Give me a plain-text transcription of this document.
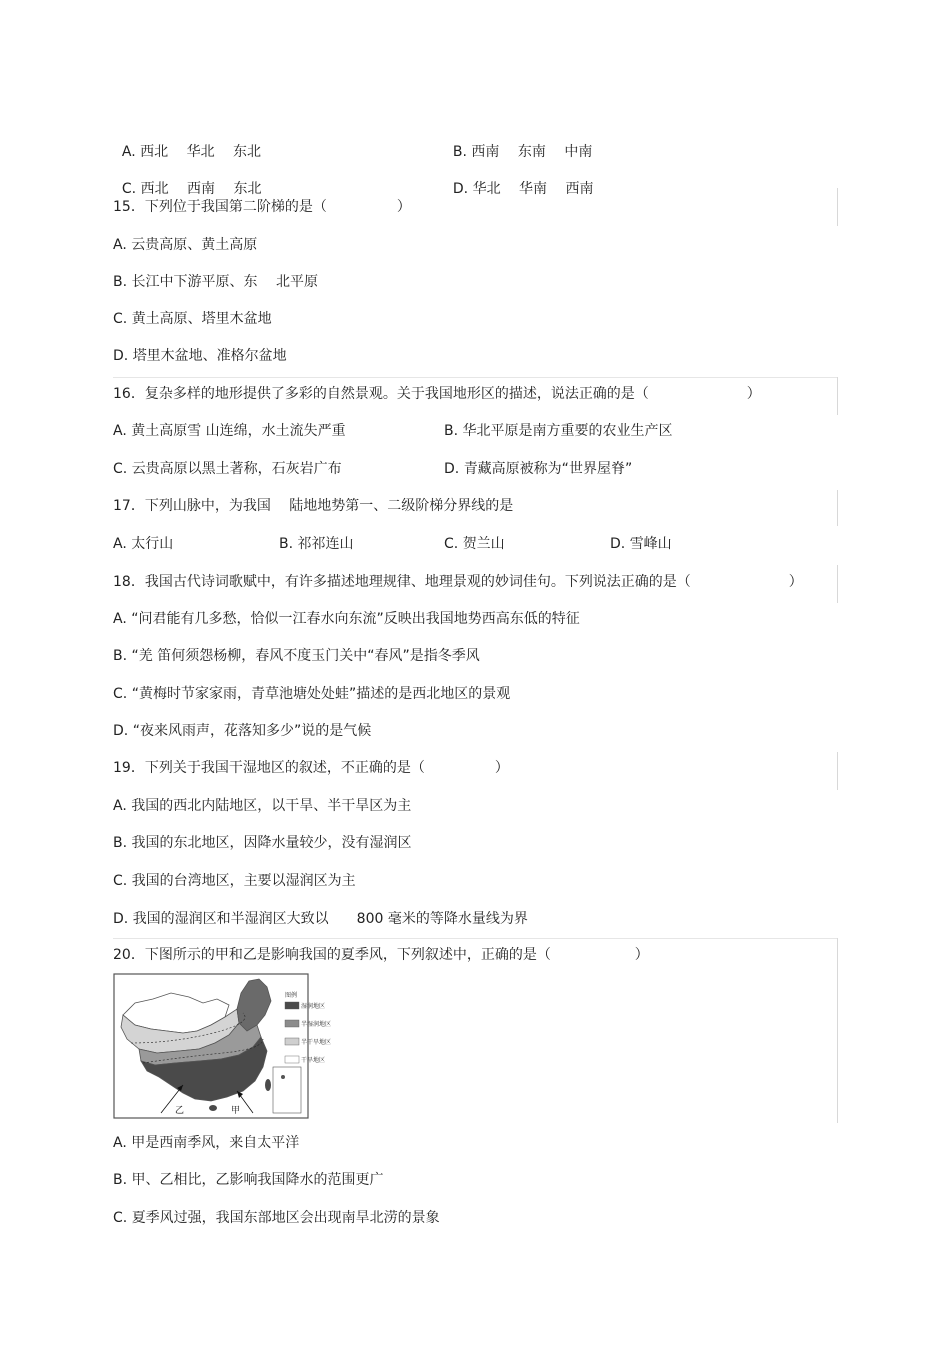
A. 西北　 华北　 东北	B. 西南　 东南　 中南

C. 西北　 西南　 东北	D. 华北　 华南　 西南

15．下列位于我国第二阶梯的是（　　　　　）
A. 云贵高原、黄土高原
B. 长江中下游平原、东　 北平原
C. 黄土高原、塔里木盆地
D. 塔里木盆地、准格尔盆地
16．复杂多样的地形提供了多彩的自然景观。关于我国地形区的描述，说法正确的是（　　　　　　　）
A. 黄土高原雪 山连绵，水土流失严重	B. 华北平原是南方重要的农业生产区
C. 云贵高原以黑土著称，石灰岩广布	D. 青藏高原被称为“世界屋脊”
17．下列山脉中，为我国　 陆地地势第一、二级阶梯分界线的是
A. 太行山	B. 祁祁连山	C. 贺兰山	D. 雪峰山
18．我国古代诗词歌赋中，有许多描述地理规律、地理景观的妙词佳句。下列说法正确的是（　　　　　　　）
A. “问君能有几多愁，恰似一江春水向东流”反映出我国地势西高东低的特征
B. “羌 笛何须怨杨柳，春风不度玉门关中“春风”是指冬季风
C. “黄梅时节家家雨，青草池塘处处蛙”描述的是西北地区的景观
D. “夜来风雨声，花落知多少”说的是气候
19．下列关于我国干湿地区的叙述，不正确的是（　　　　　）
A. 我国的西北内陆地区，以干旱、半干旱区为主
B. 我国的东北地区，因降水量较少，没有湿润区
C. 我国的台湾地区，主要以湿润区为主
D. 我国的湿润区和半湿润区大致以　　800 毫米的等降水量线为界
20．下图所示的甲和乙是影响我国的夏季风，下列叙述中，正确的是（　　　　　　）
乙	甲
图例
湿润地区
半湿润地区
半干旱地区
干旱地区
A. 甲是西南季风，来自太平洋
B. 甲、乙相比，乙影响我国降水的范围更广
C. 夏季风过强，我国东部地区会出现南旱北涝的景象
